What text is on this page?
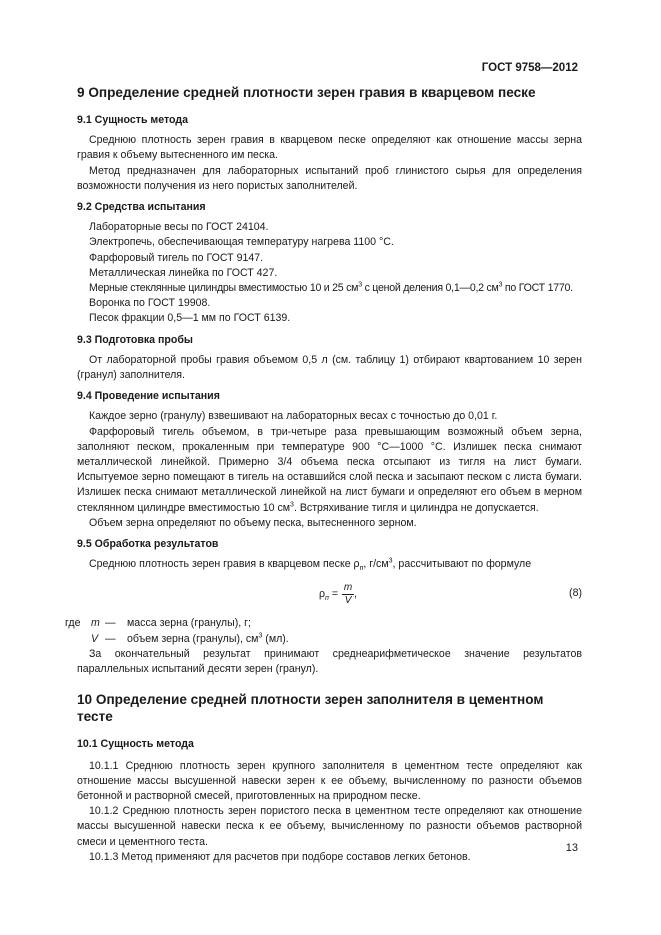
ГОСТ 9758—2012
9 Определение средней плотности зерен гравия в кварцевом песке
9.1 Сущность метода

Среднюю плотность зерен гравия в кварцевом песке определяют как отношение массы зерна гравия к объему вытесненного им песка.

Метод предназначен для лабораторных испытаний проб глинистого сырья для определения возможности получения из него пористых заполнителей.

9.2 Средства испытания

Лабораторные весы по ГОСТ 24104.

Электропечь, обеспечивающая температуру нагрева 1100 °С.

Фарфоровый тигель по ГОСТ 9147.

Металлическая линейка по ГОСТ 427.

Мерные стеклянные цилиндры вместимостью 10 и 25 $см^3$ с ценой деления 0,1—0,2 $см^3$ по ГОСТ 1770.

Воронка по ГОСТ 19908.

Песок фракции 0,5—1 мм по ГОСТ 6139.

9.3 Подготовка пробы

От лабораторной пробы гравия объемом 0,5 л (см. таблицу 1) отбирают квартованием 10 зерен (гранул) заполнителя.

9.4 Проведение испытания

Каждое зерно (гранулу) взвешивают на лабораторных весах с точностью до 0,01 г.

Фарфоровый тигель объемом, в три-четыре раза превышающим возможный объем зерна, заполняют песком, прокаленным при температуре 900 °С—1000 °С. Излишек песка снимают металлической линейкой. Примерно 3/4 объема песка отсыпают из тигля на лист бумаги. Испытуемое зерно помещают в тигель на оставшийся слой песка и засыпают песком с листа бумаги. Излишек песка снимают металлической линейкой на лист бумаги и определяют его объем в мерном стеклянном цилиндре вместимостью 10 $см^3$. Встряхивание тигля и цилиндра не допускается.

Объем зерна определяют по объему песка, вытесненного зерном.

9.5 Обработка результатов

Среднюю плотность зерен гравия в кварцевом песке $\rho_п$, $г/см^3$, рассчитывают по формуле

$\rho_п = \frac{m}{V}$ ,	(8)
где m —	масса зерна (гранулы), г;
V —	объем зерна (гранулы), $см^3$ (мл).

За окончательный результат принимают среднеарифметическое значение результатов параллельных испытаний десяти зерен (гранул).

10 Определение средней плотности зерен заполнителя в цементном тесте
10.1 Сущность метода

10.1.1 Среднюю плотность зерен крупного заполнителя в цементном тесте определяют как отношение массы высушенной навески зерен к ее объему, вычисленному по разности объемов бетонной и растворной смесей, приготовленных на природном песке.

10.1.2 Среднюю плотность зерен пористого песка в цементном тесте определяют как отношение массы высушенной навески песка к ее объему, вычисленному по разности объемов растворной смеси и цементного теста.

10.1.3 Метод применяют для расчетов при подборе составов легких бетонов.

13
